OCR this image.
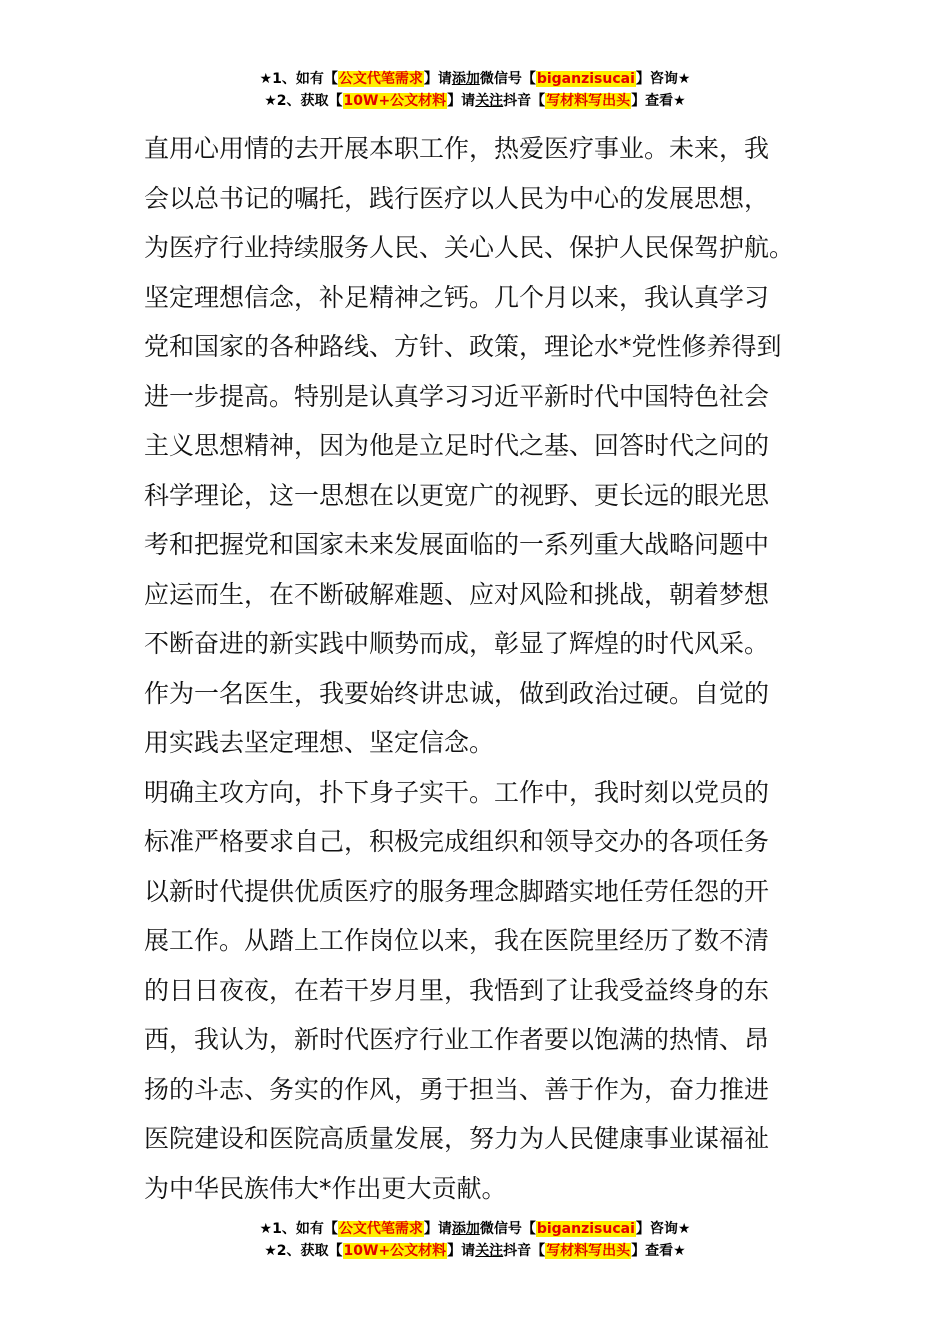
★1、如有【公文代笔需求】请添加微信号【biganzisucai】咨询★
★2、获取【10W+公文材料】请关注抖音【写材料写出头】查看★
直用心用情的去开展本职工作，热爱医疗事业。未来，我
会以总书记的嘱托，践行医疗以人民为中心的发展思想，
为医疗行业持续服务人民、关心人民、保护人民保驾护航。
坚定理想信念，补足精神之钙。几个月以来，我认真学习
党和国家的各种路线、方针、政策，理论水*党性修养得到
进一步提高。特别是认真学习习近平新时代中国特色社会
主义思想精神，因为他是立足时代之基、回答时代之问的
科学理论，这一思想在以更宽广的视野、更长远的眼光思
考和把握党和国家未来发展面临的一系列重大战略问题中
应运而生，在不断破解难题、应对风险和挑战，朝着梦想
不断奋进的新实践中顺势而成，彰显了辉煌的时代风采。
作为一名医生，我要始终讲忠诚，做到政治过硬。自觉的
用实践去坚定理想、坚定信念。
明确主攻方向，扑下身子实干。工作中，我时刻以党员的
标准严格要求自己，积极完成组织和领导交办的各项任务
以新时代提供优质医疗的服务理念脚踏实地任劳任怨的开
展工作。从踏上工作岗位以来，我在医院里经历了数不清
的日日夜夜，在若干岁月里，我悟到了让我受益终身的东
西，我认为，新时代医疗行业工作者要以饱满的热情、昂
扬的斗志、务实的作风，勇于担当、善于作为，奋力推进
医院建设和医院高质量发展，努力为人民健康事业谋福祉
为中华民族伟大*作出更大贡献。
★1、如有【公文代笔需求】请添加微信号【biganzisucai】咨询★
★2、获取【10W+公文材料】请关注抖音【写材料写出头】查看★
